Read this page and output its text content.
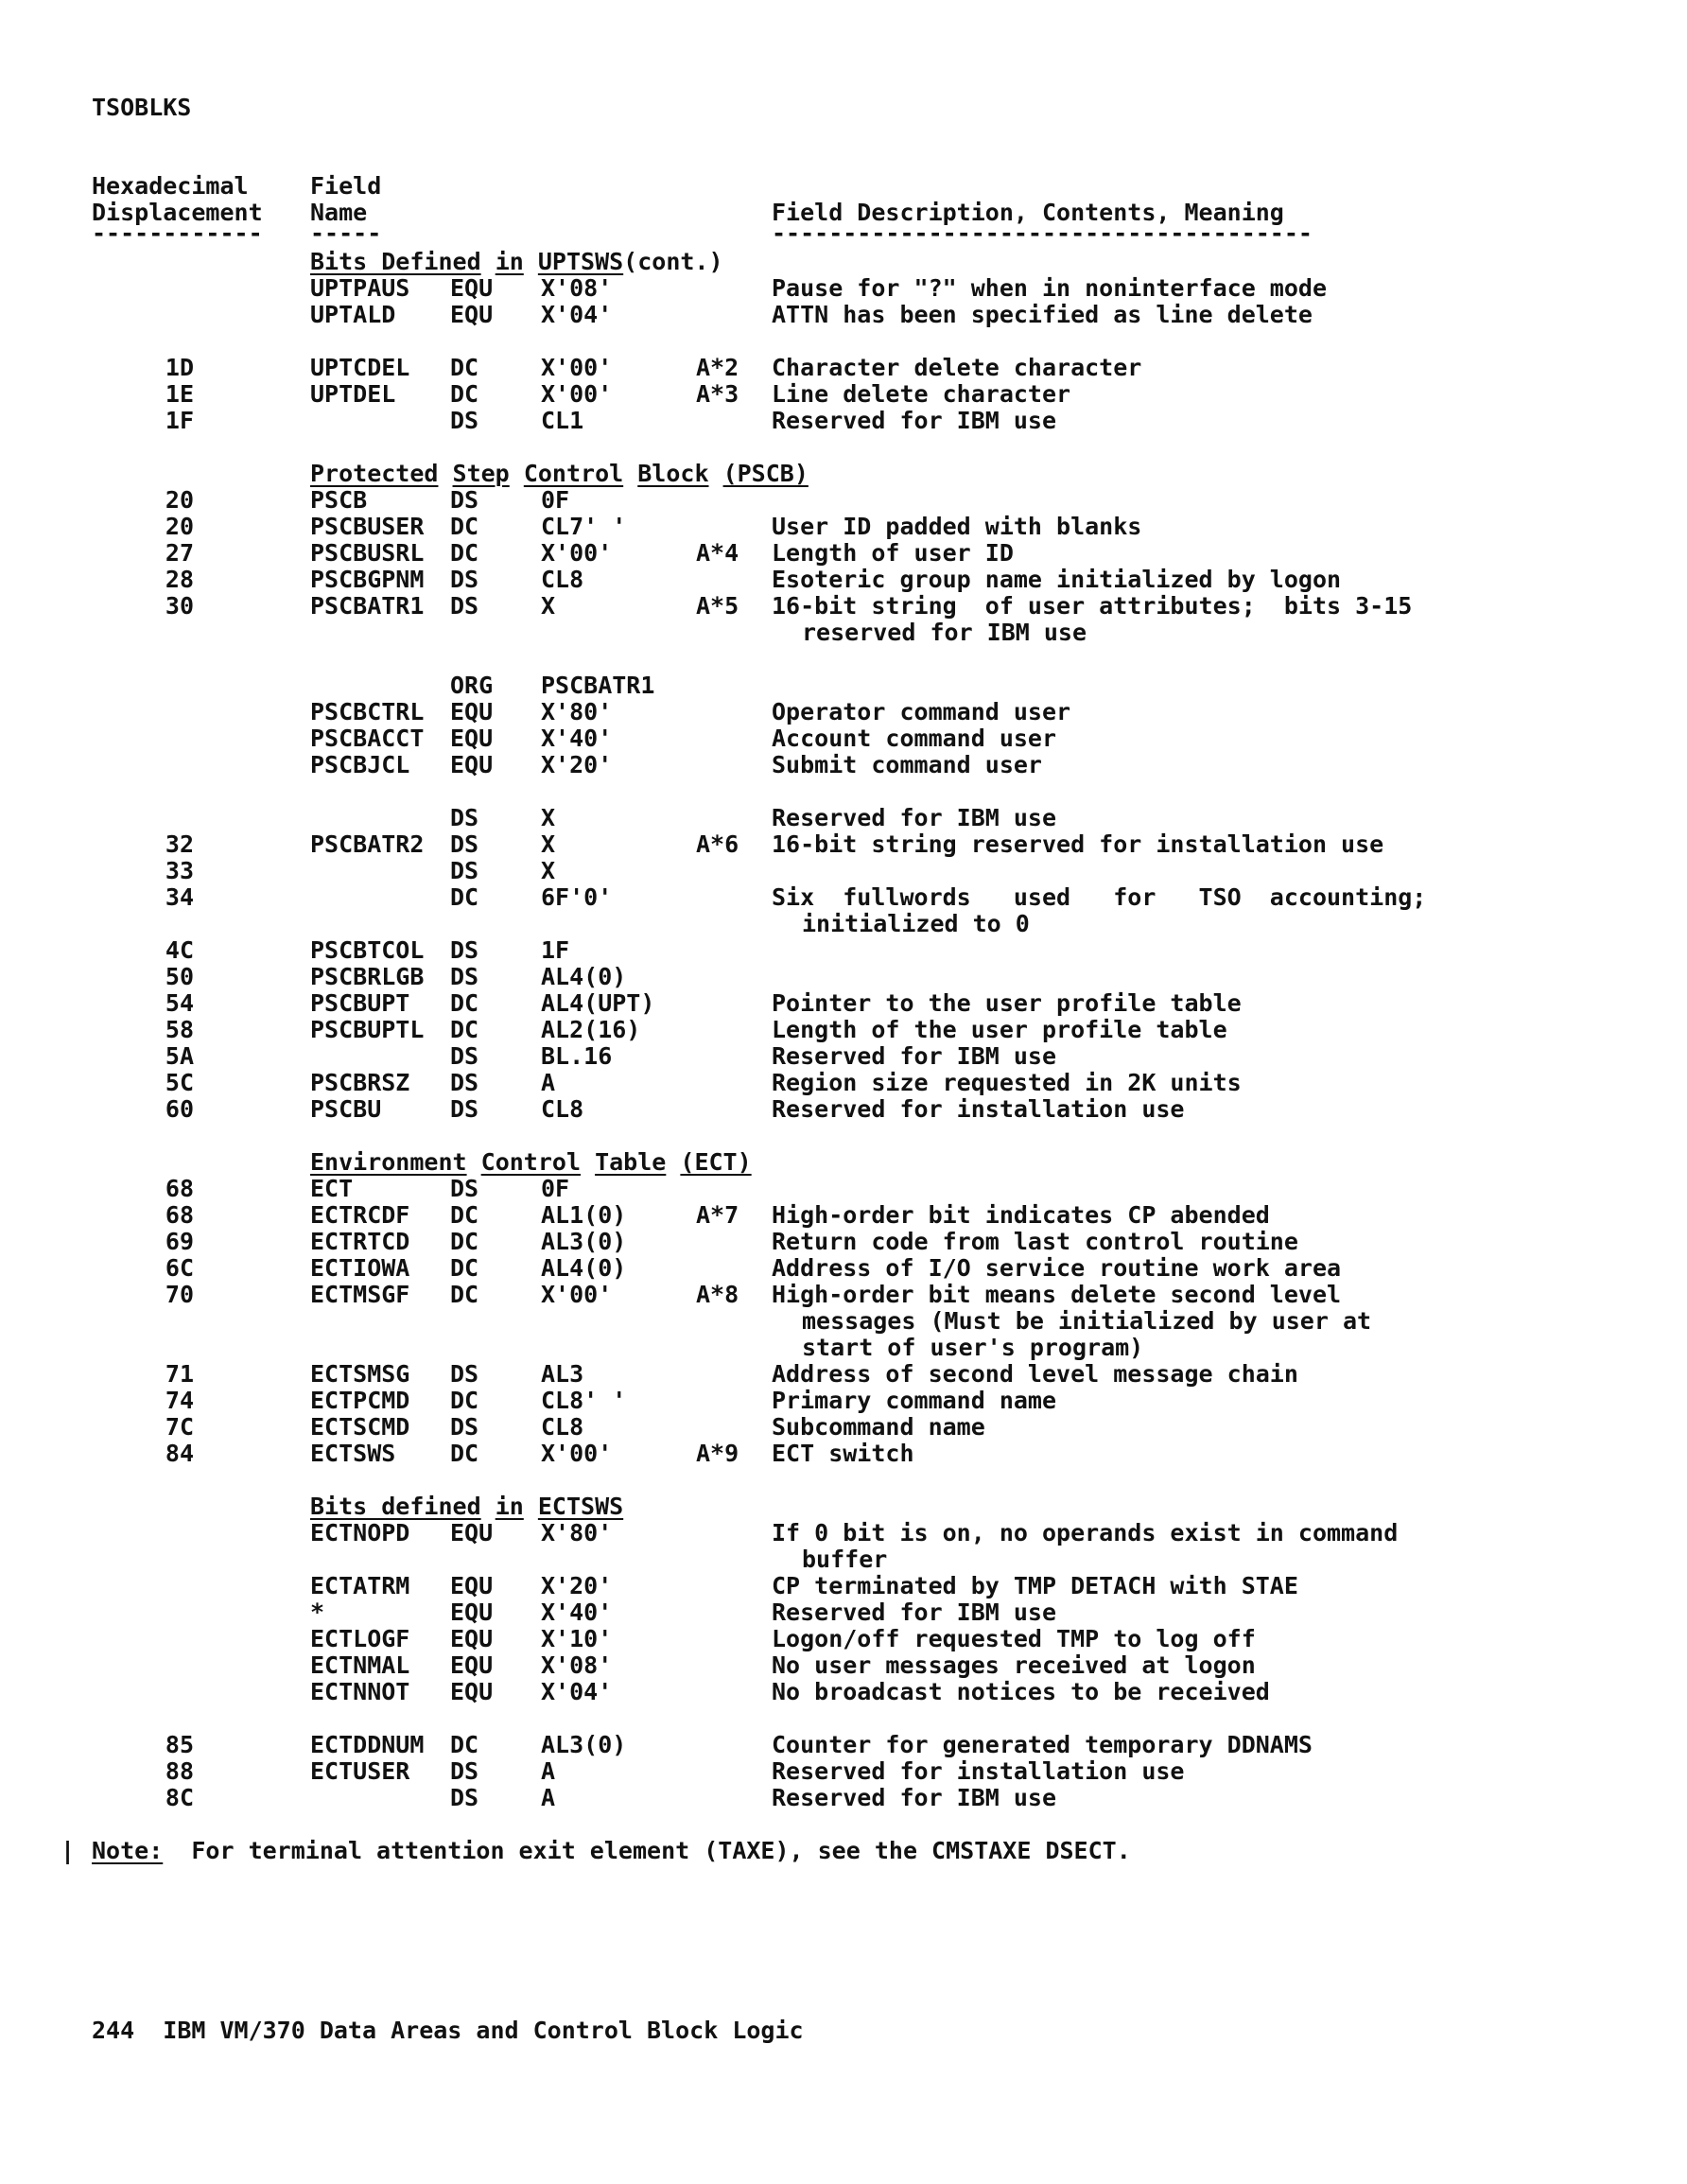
TSOBLKS
Hexadecimal
Displacement
Field
Name	Field Description, Contents, Meaning
------------ -----	--------------------------------------
Bits Defined in UPTSWS(cont.)
UPTPAUS EQU X'08'	Pause for "?" when in noninterface mode
UPTALD EQU X'04'	ATTN has been specified as line delete
1D	UPTCDEL DC	X'00'	A*2 Character delete character
1E	UPTDEL DC	X'00'	A*3 Line delete character
1F	DS	CL1	Reserved for IBM use
Protected Step Control Block (PSCB)
20	PSCB	DS	0F
20	PSCBUSER DC	CL7' '	User ID padded with blanks
27	PSCBUSRL DC	X'00'	A*4 Length of user ID
28	PSCBGPNM DS	CL8	Esoteric group name initialized by logon
30	PSCBATR1 DS	X	A*5 16-bit string  of user attributes;  bits 3-15
reserved for IBM use
ORG PSCBATR1
PSCBCTRL EQU X'80'	Operator command user
PSCBACCT EQU X'40'	Account command user
PSCBJCL EQU X'20'	Submit command user
DS	X	Reserved for IBM use
32	PSCBATR2 DS	X	A*6 16-bit string reserved for installation use
33	DS	X
34	DC	6F'0'	Six  fullwords   used   for   TSO  accounting;
initialized to 0
4C	PSCBTCOL DS	1F
50	PSCBRLGB DS	AL4(0)
54	PSCBUPT DC	AL4(UPT)	Pointer to the user profile table
58	PSCBUPTL DC	AL2(16)	Length of the user profile table
5A	DS	BL.16	Reserved for IBM use
5C	PSCBRSZ DS	A	Region size requested in 2K units
60	PSCBU	DS	CL8	Reserved for installation use
Environment Control Table (ECT)
68	ECT	DS	0F
68	ECTRCDF DC	AL1(0)	A*7 High-order bit indicates CP abended
69	ECTRTCD DC	AL3(0)	Return code from last control routine
6C	ECTIOWA DC	AL4(0)	Address of I/O service routine work area
70	ECTMSGF DC	X'00'	A*8 High-order bit means delete second level
messages (Must be initialized by user at
start of user's program)
71	ECTSMSG DS	AL3	Address of second level message chain
74	ECTPCMD DC	CL8' '	Primary command name
7C	ECTSCMD DS	CL8	Subcommand name
84	ECTSWS DC	X'00'	A*9 ECT switch
Bits defined in ECTSWS
ECTNOPD EQU X'80'	If 0 bit is on, no operands exist in command
buffer
ECTATRM EQU X'20'	CP terminated by TMP DETACH with STAE
*	EQU X'40'	Reserved for IBM use
ECTLOGF EQU X'10'	Logon/off requested TMP to log off
ECTNMAL EQU X'08'	No user messages received at logon
ECTNNOT EQU X'04'	No broadcast notices to be received
85	ECTDDNUM DC	AL3(0)	Counter for generated temporary DDNAMS
88	ECTUSER DS	A	Reserved for installation use
8C	DS	A	Reserved for IBM use
| Note: For terminal attention exit element (TAXE), see the CMSTAXE DSECT.
244 IBM VM/370 Data Areas and Control Block Logic
